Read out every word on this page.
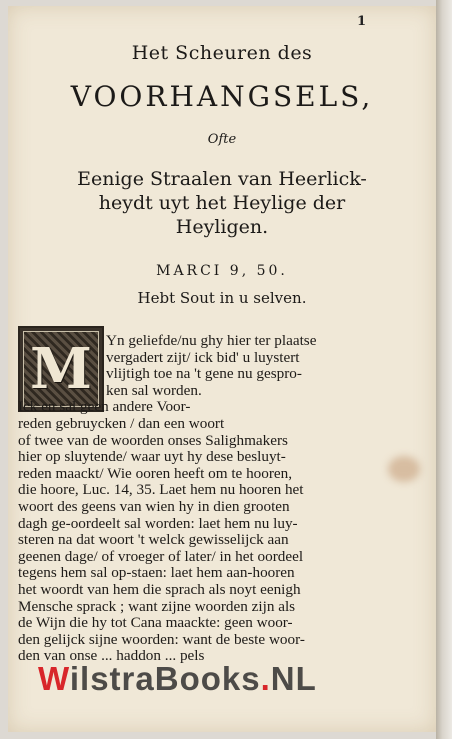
1
Het Scheuren des
VOORHANGSELS,
Ofte
Eenige Straalen van Heerlick-
heydt uyt het Heylige der
Heyligen.
MARCI 9, 50.
Hebt Sout in u selven.
M Yn geliefde/nu ghy hier ter plaatse
vergadert zijt/ ick bid' u luystert
vlijtigh toe na 't gene nu gespro-
ken sal worden.
Ick en sal geen andere Voor-
reden gebruycken / dan een woort
of twee van de woorden onses Salighmakers
hier op sluytende/ waar uyt hy dese besluyt-
reden maackt/ Wie ooren heeft om te hooren,
die hoore, Luc. 14, 35. Laet hem nu hooren het
woort des geens van wien hy in dien grooten
dagh ge-oordeelt sal worden: laet hem nu luy-
steren na dat woort 't welck gewisselijck aan
geenen dage/ of vroeger of later/ in het oordeel
tegens hem sal op-staen: laet hem aan-hooren
het woordt van hem die sprach als noyt eenigh
Mensche sprack ; want zijne woorden zijn als
de Wijn die hy tot Cana maackte: geen woor-
den gelijck sijne woorden: want de beste woor-
den van onse ... haddon ... pels
WilstraBooks.NL
